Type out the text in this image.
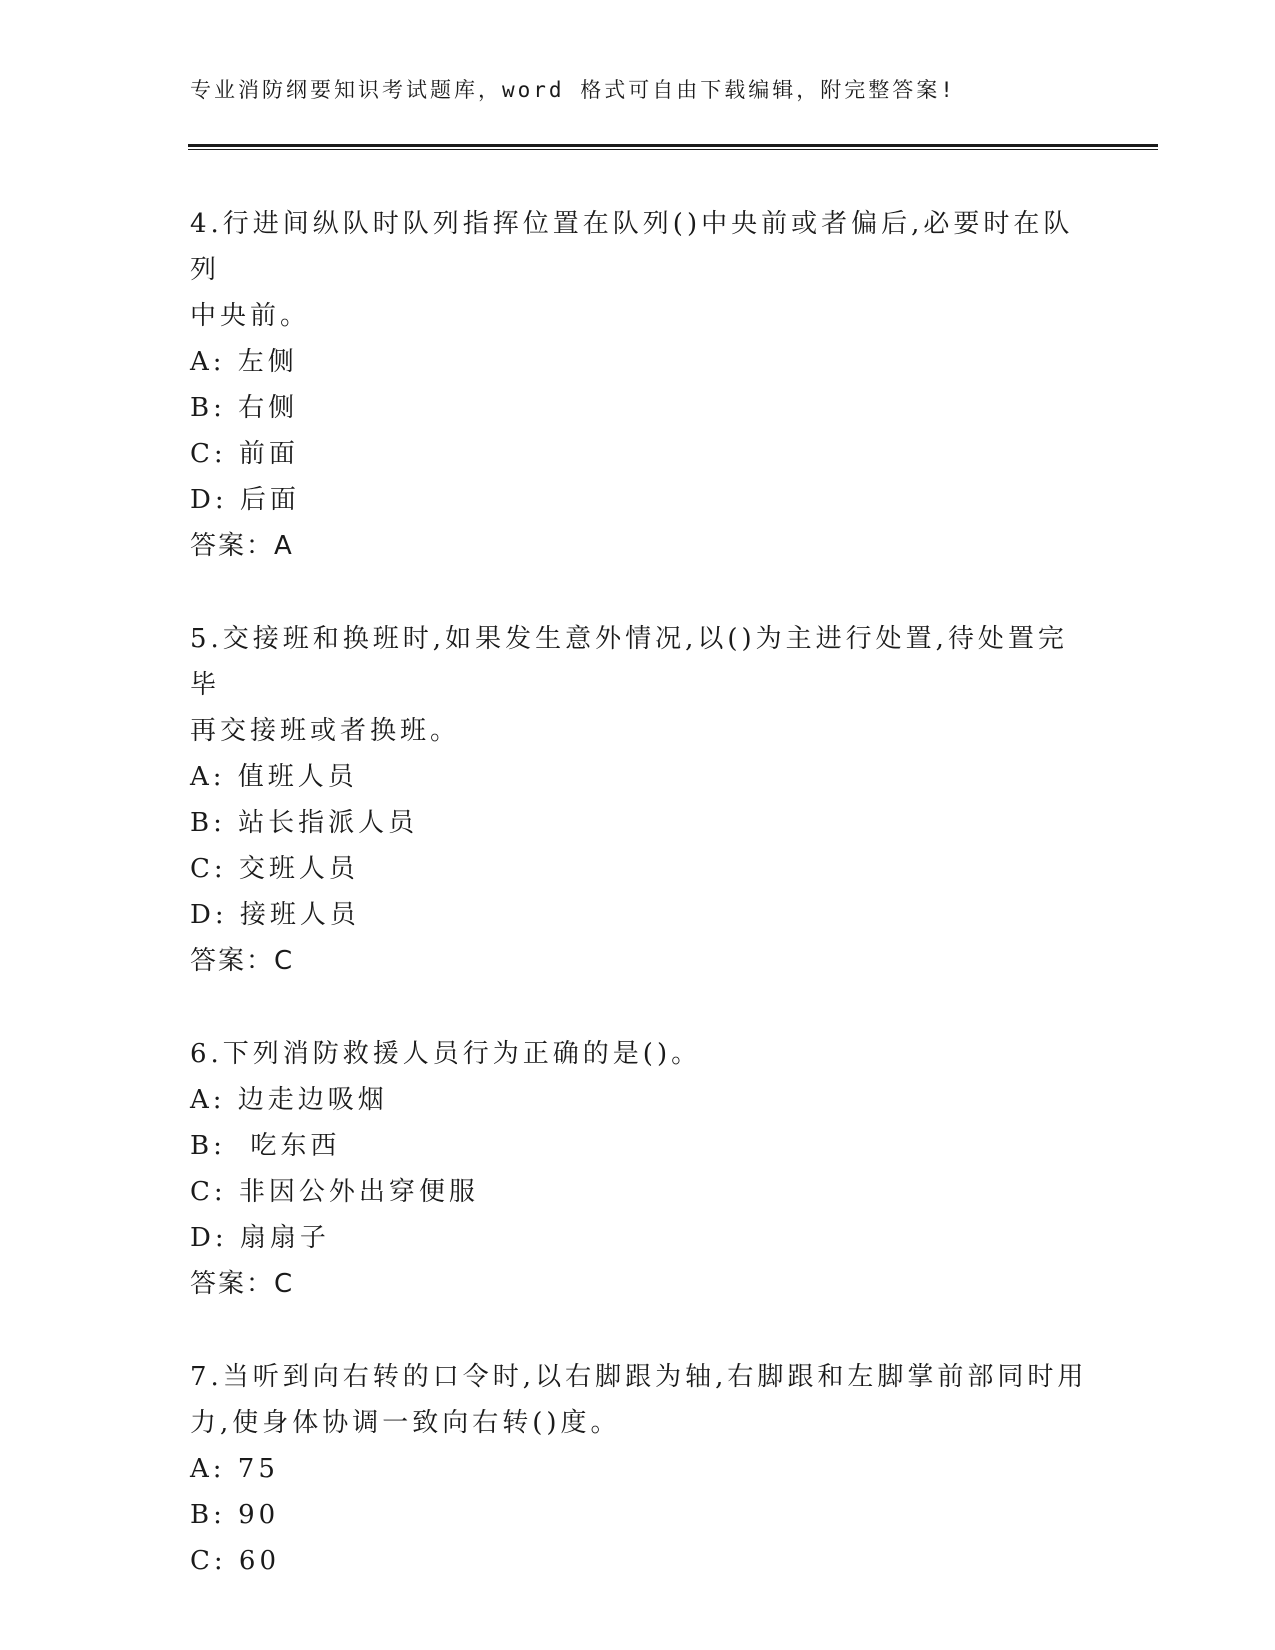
专业消防纲要知识考试题库，word 格式可自由下载编辑，附完整答案!
4.行进间纵队时队列指挥位置在队列()中央前或者偏后,必要时在队列
中央前。
A: 左侧
B: 右侧
C: 前面
D: 后面
答案：A
5.交接班和换班时,如果发生意外情况,以()为主进行处置,待处置完毕
再交接班或者换班。
A: 值班人员
B: 站长指派人员
C: 交班人员
D: 接班人员
答案：C
6.下列消防救援人员行为正确的是()。
A: 边走边吸烟
B:  吃东西
C: 非因公外出穿便服
D: 扇扇子
答案：C
7.当听到向右转的口令时,以右脚跟为轴,右脚跟和左脚掌前部同时用
力,使身体协调一致向右转()度。
A: 75
B: 90
C: 60
